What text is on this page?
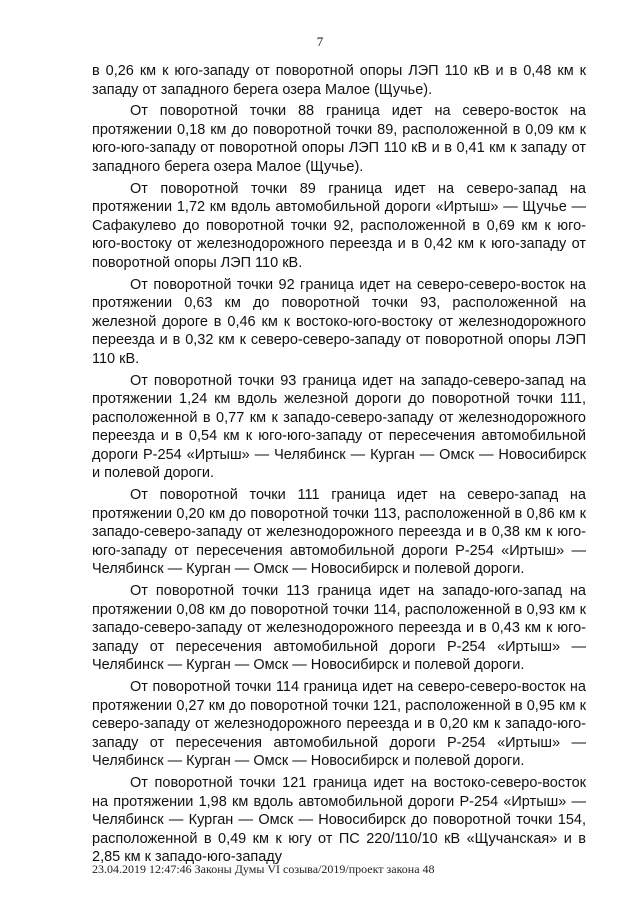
7

в 0,26 км к юго-западу от поворотной опоры ЛЭП 110 кВ и в 0,48 км к западу от западного берега озера Малое (Щучье).

От поворотной точки 88 граница идет на северо-восток на протяжении 0,18 км до поворотной точки 89, расположенной в 0,09 км к юго-юго-западу от поворотной опоры ЛЭП 110 кВ и в 0,41 км к западу от западного берега озера Малое (Щучье).

От поворотной точки 89 граница идет на северо-запад на протяжении 1,72 км вдоль автомобильной дороги «Иртыш» — Щучье — Сафакулево до поворотной точки 92, расположенной в 0,69 км к юго-юго-востоку от железнодорожного переезда и в 0,42 км к юго-западу от поворотной опоры ЛЭП 110 кВ.

От поворотной точки 92 граница идет на северо-северо-восток на протяжении 0,63 км до поворотной точки 93, расположенной на железной дороге в 0,46 км к востоко-юго-востоку от железнодорожного переезда и в 0,32 км к северо-северо-западу от поворотной опоры ЛЭП 110 кВ.

От поворотной точки 93 граница идет на западо-северо-запад на протяжении 1,24 км вдоль железной дороги до поворотной точки 111, расположенной в 0,77 км к западо-северо-западу от железнодорожного переезда и в 0,54 км к юго-юго-западу от пересечения автомобильной дороги Р-254 «Иртыш» — Челябинск — Курган — Омск — Новосибирск и полевой дороги.

От поворотной точки 111 граница идет на северо-запад на протяжении 0,20 км до поворотной точки 113, расположенной в 0,86 км к западо-северо-западу от железнодорожного переезда и в 0,38 км к юго-юго-западу от пересечения автомобильной дороги Р-254 «Иртыш» — Челябинск — Курган — Омск — Новосибирск и полевой дороги.

От поворотной точки 113 граница идет на западо-юго-запад на протяжении 0,08 км до поворотной точки 114, расположенной в 0,93 км к западо-северо-западу от железнодорожного переезда и в 0,43 км к юго-западу от пересечения автомобильной дороги Р-254 «Иртыш» — Челябинск — Курган — Омск — Новосибирск и полевой дороги.

От поворотной точки 114 граница идет на северо-северо-восток на протяжении 0,27 км до поворотной точки 121, расположенной в 0,95 км к северо-западу от железнодорожного переезда и в 0,20 км к западо-юго-западу от пересечения автомобильной дороги Р-254 «Иртыш» — Челябинск — Курган — Омск — Новосибирск и полевой дороги.

От поворотной точки 121 граница идет на востоко-северо-восток на протяжении 1,98 км вдоль автомобильной дороги Р-254 «Иртыш» — Челябинск — Курган — Омск — Новосибирск до поворотной точки 154, расположенной в 0,49 км к югу от ПС 220/110/10 кВ «Щучанская» и в 2,85 км к западо-юго-западу

23.04.2019 12:47:46 Законы Думы VI созыва/2019/проект закона 48
